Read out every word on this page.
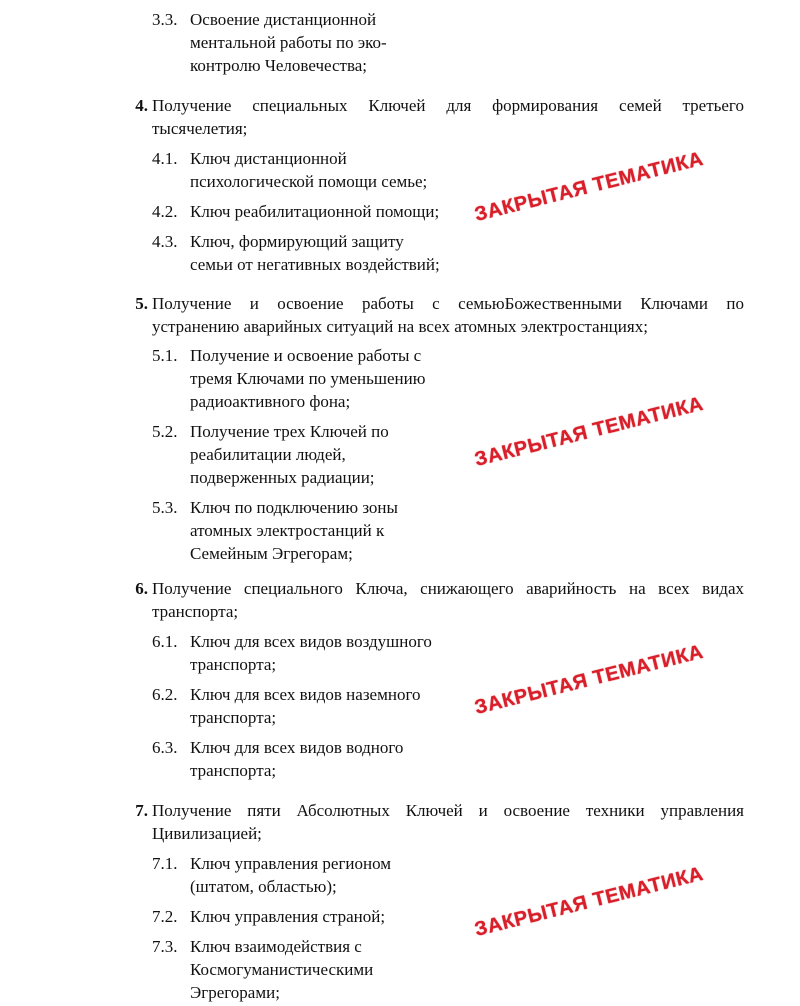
3.3. Освоение дистанционной
ментальной работы по эко-
контролю Человечества;
4. Получение специальных Ключей для формирования семей третьего
тысячелетия;
4.1. Ключ дистанционной
психологической помощи семье;
4.2. Ключ реабилитационной помощи;
4.3. Ключ, формирующий защиту
семьи от негативных воздействий;
ЗАКРЫТАЯ ТЕМАТИКА
5. Получение и освоение работы с семьюБожественными Ключами по
устранению аварийных ситуаций на всех атомных электростанциях;
5.1. Получение и освоение работы с
тремя Ключами по уменьшению
радиоактивного фона;
5.2. Получение трех Ключей по
реабилитации людей,
подверженных радиации;
5.3. Ключ по подключению зоны
атомных электростанций к
Семейным Эгрегорам;
ЗАКРЫТАЯ ТЕМАТИКА
6. Получение специального Ключа, снижающего аварийность на всех видах
транспорта;
6.1. Ключ для всех видов воздушного
транспорта;
6.2. Ключ для всех видов наземного
транспорта;
6.3. Ключ для всех видов водного
транспорта;
ЗАКРЫТАЯ ТЕМАТИКА
7. Получение пяти Абсолютных Ключей и освоение техники управления
Цивилизацией;
7.1. Ключ управления регионом
(штатом, областью);
7.2. Ключ управления страной;
7.3. Ключ взаимодействия с
Космогуманистическими
Эгрегорами;
ЗАКРЫТАЯ ТЕМАТИКА
